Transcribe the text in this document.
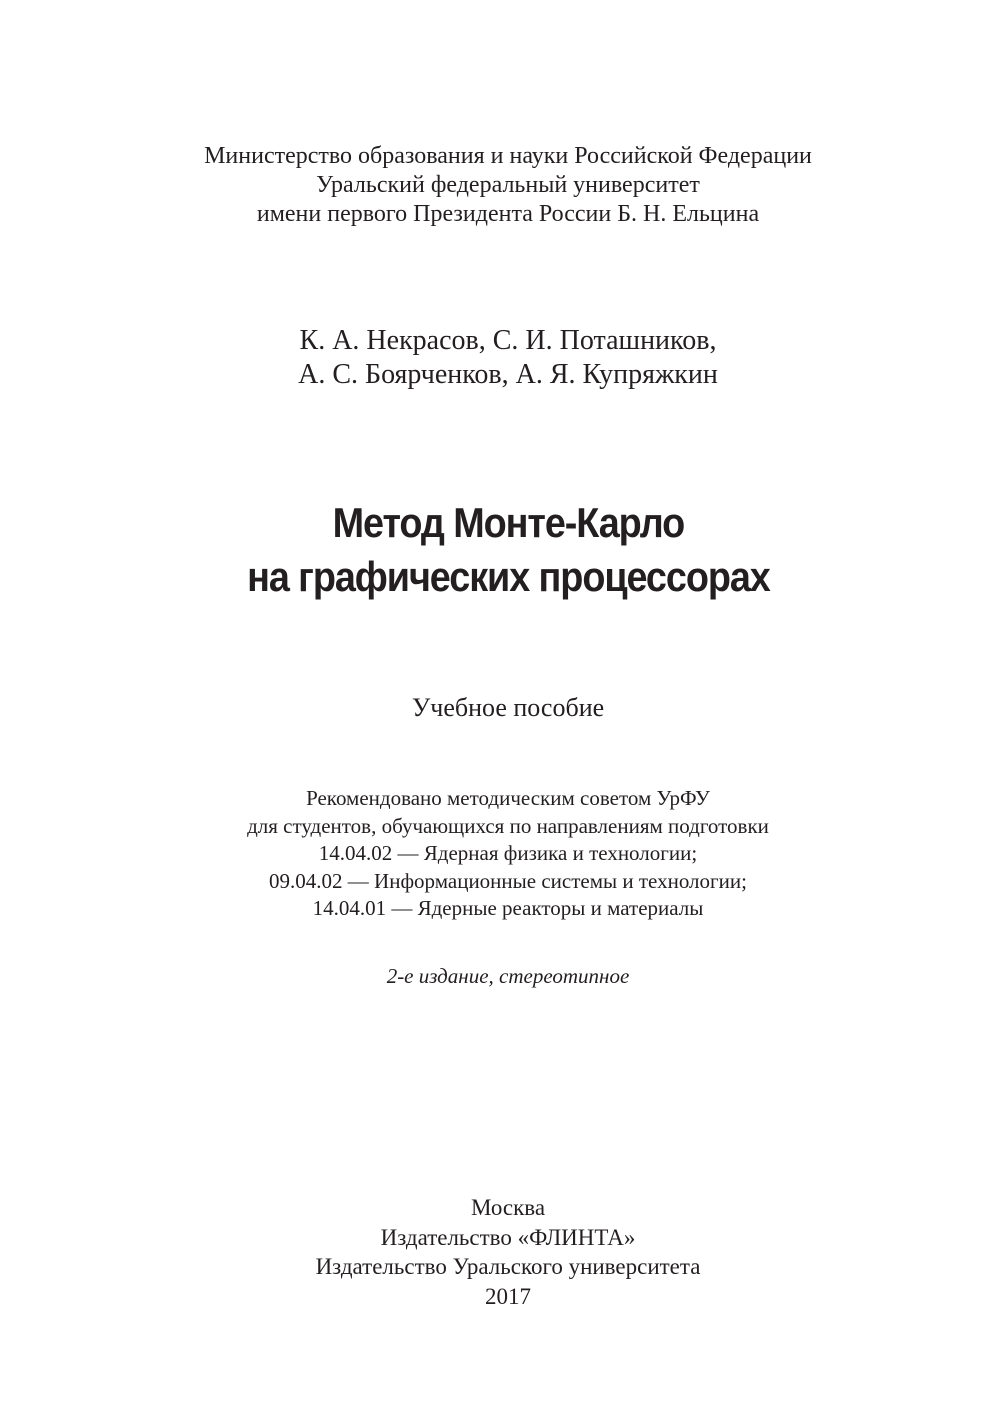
Министерство образования и науки Российской Федерации
Уральский федеральный университет
имени первого Президента России Б. Н. Ельцина
К. А. Некрасов, С. И. Поташников,
А. С. Боярченков, А. Я. Купряжкин
Метод Монте-Карло
на графических процессорах
Учебное пособие
Рекомендовано методическим советом УрФУ
для студентов, обучающихся по направлениям подготовки
14.04.02 — Ядерная физика и технологии;
09.04.02 — Информационные системы и технологии;
14.04.01 — Ядерные реакторы и материалы
2-е издание, стереотипное
Москва
Издательство «ФЛИНТА»
Издательство Уральского университета
2017
